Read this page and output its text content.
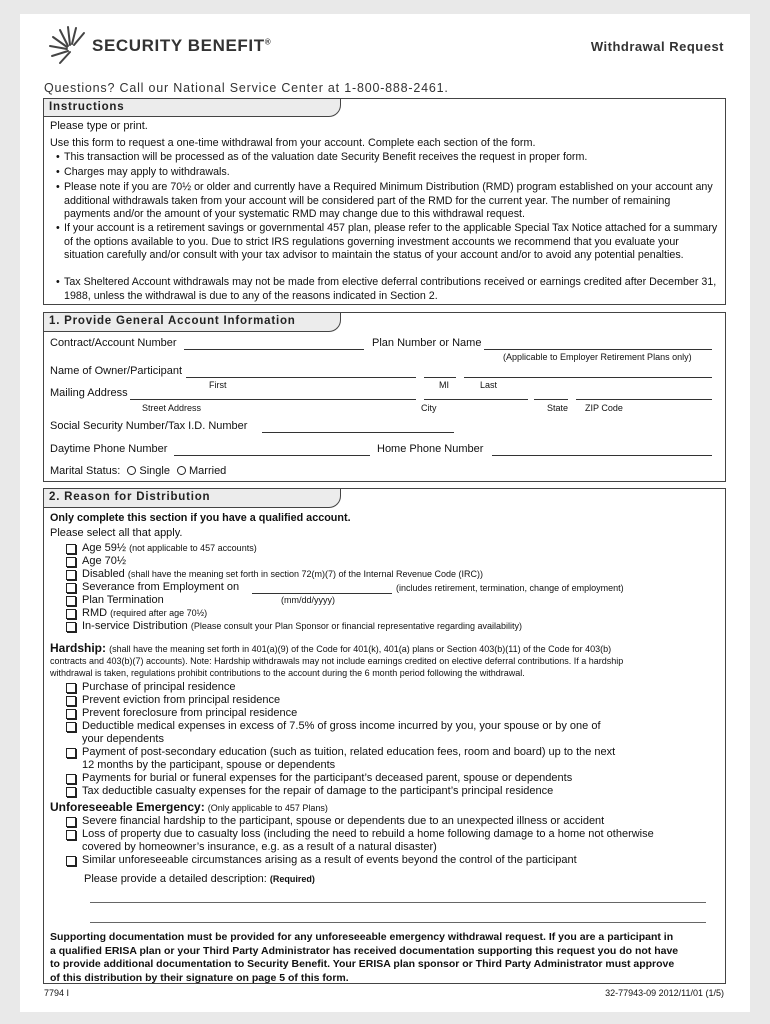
SECURITY BENEFIT®	Withdrawal Request
Questions? Call our National Service Center at 1-800-888-2461.
Instructions
Please type or print.
Use this form to request a one-time withdrawal from your account. Complete each section of the form.
• This transaction will be processed as of the valuation date Security Benefit receives the request in proper form.
• Charges may apply to withdrawals.
• Please note if you are 70½ or older and currently have a Required Minimum Distribution (RMD) program established on your account any additional withdrawals taken from your account will be considered part of the RMD for the current year. The number of remaining payments and/or the amount of your systematic RMD may change due to this withdrawal request.
• If your account is a retirement savings or governmental 457 plan, please refer to the applicable Special Tax Notice attached for a summary of the options available to you. Due to strict IRS regulations governing investment accounts we recommend that you evaluate your situation carefully and/or consult with your tax advisor to maintain the status of your account and/or to avoid any potential penalties.
• Tax Sheltered Account withdrawals may not be made from elective deferral contributions received or earnings credited after December 31, 1988, unless the withdrawal is due to any of the reasons indicated in Section 2.
1. Provide General Account Information
Contract/Account Number	Plan Number or Name
(Applicable to Employer Retirement Plans only)
Name of Owner/Participant
First	MI	Last
Mailing Address
Street Address	City	State ZIP Code
Social Security Number/Tax I.D. Number
Daytime Phone Number	Home Phone Number
Marital Status: Single Married
2. Reason for Distribution
Only complete this section if you have a qualified account.
Please select all that apply.
Age 59½ (not applicable to 457 accounts)
Age 70½
Disabled (shall have the meaning set forth in section 72(m)(7) of the Internal Revenue Code (IRC))
Severance from Employment on	(includes retirement, termination, change of employment)
Plan Termination	(mm/dd/yyyy)
RMD (required after age 70½)
In-service Distribution (Please consult your Plan Sponsor or financial representative regarding availability)
Hardship: (shall have the meaning set forth in 401(a)(9) of the Code for 401(k), 401(a) plans or Section 403(b)(11) of the Code for 403(b)
contracts and 403(b)(7) accounts). Note: Hardship withdrawals may not include earnings credited on elective deferral contributions. If a hardship
withdrawal is taken, regulations prohibit contributions to the account during the 6 month period following the withdrawal.
Purchase of principal residence
Prevent eviction from principal residence
Prevent foreclosure from principal residence
Deductible medical expenses in excess of 7.5% of gross income incurred by you, your spouse or by one of
your dependents
Payment of post-secondary education (such as tuition, related education fees, room and board) up to the next
12 months by the participant, spouse or dependents
Payments for burial or funeral expenses for the participant’s deceased parent, spouse or dependents
Tax deductible casualty expenses for the repair of damage to the participant’s principal residence
Unforeseeable Emergency: (Only applicable to 457 Plans)
Severe financial hardship to the participant, spouse or dependents due to an unexpected illness or accident
Loss of property due to casualty loss (including the need to rebuild a home following damage to a home not otherwise
covered by homeowner’s insurance, e.g. as a result of a natural disaster)
Similar unforeseeable circumstances arising as a result of events beyond the control of the participant
Please provide a detailed description: (Required)
Supporting documentation must be provided for any unforeseeable emergency withdrawal request. If you are a participant in
a qualified ERISA plan or your Third Party Administrator has received documentation supporting this request you do not have
to provide additional documentation to Security Benefit. Your ERISA plan sponsor or Third Party Administrator must approve
of this distribution by their signature on page 5 of this form.
7794 I	32-77943-09 2012/11/01 (1/5)
